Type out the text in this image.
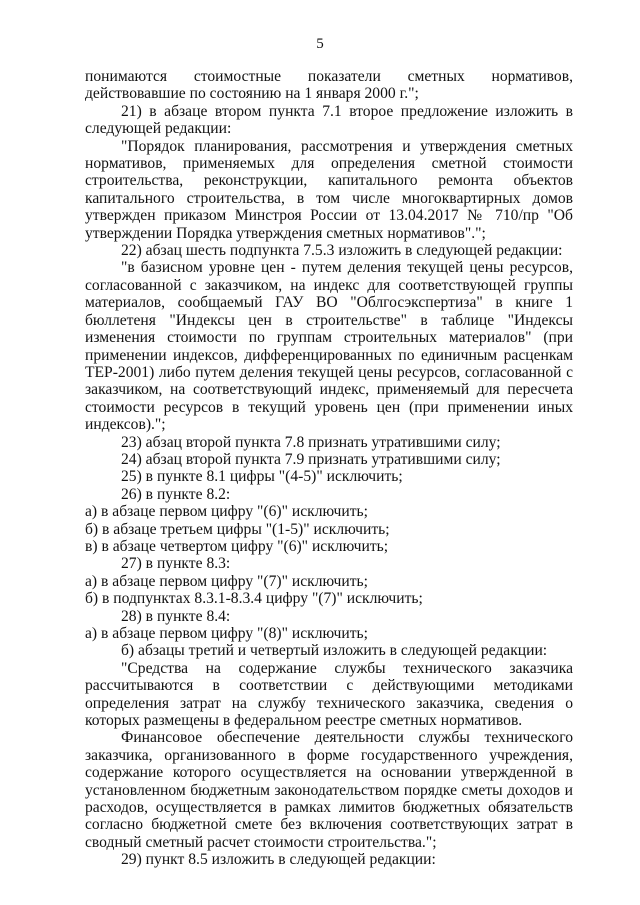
5

понимаются стоимостные показатели сметных нормативов, действовавшие по состоянию на 1 января 2000 г.";

21) в абзаце втором пункта 7.1 второе предложение изложить в следующей редакции:

"Порядок планирования, рассмотрения и утверждения сметных нормативов, применяемых для определения сметной стоимости строительства, реконструкции, капитального ремонта объектов капитального строительства, в том числе многоквартирных домов утвержден приказом Минстроя России от 13.04.2017 № 710/пр "Об утверждении Порядка утверждения сметных нормативов".";

22) абзац шесть подпункта 7.5.3 изложить в следующей редакции:

"в базисном уровне цен - путем деления текущей цены ресурсов, согласованной с заказчиком, на индекс для соответствующей группы материалов, сообщаемый ГАУ ВО "Облгосэкспертиза" в книге 1 бюллетеня "Индексы цен в строительстве" в таблице "Индексы изменения стоимости по группам строительных материалов" (при применении индексов, дифференцированных по единичным расценкам ТЕР-2001) либо путем деления текущей цены ресурсов, согласованной с заказчиком, на соответствующий индекс, применяемый для пересчета стоимости ресурсов в текущий уровень цен (при применении иных индексов).";

23) абзац второй пункта 7.8 признать утратившими силу;

24) абзац второй пункта 7.9 признать утратившими силу;

25) в пункте 8.1 цифры "(4-5)" исключить;

26) в пункте 8.2:

а) в абзаце первом цифру "(6)" исключить;

б) в абзаце третьем цифры "(1-5)" исключить;

в) в абзаце четвертом цифру "(6)" исключить;

27) в пункте 8.3:

а) в абзаце первом цифру "(7)" исключить;

б) в подпунктах 8.3.1-8.3.4 цифру "(7)" исключить;

28) в пункте 8.4:

а) в абзаце первом цифру "(8)" исключить;

б) абзацы третий и четвертый изложить в следующей редакции:

"Средства на содержание службы технического заказчика рассчитываются в соответствии с действующими методиками определения затрат на службу технического заказчика, сведения о которых размещены в федеральном реестре сметных нормативов.

Финансовое обеспечение деятельности службы технического заказчика, организованного в форме государственного учреждения, содержание которого осуществляется на основании утвержденной в установленном бюджетным законодательством порядке сметы доходов и расходов, осуществляется в рамках лимитов бюджетных обязательств согласно бюджетной смете без включения соответствующих затрат в сводный сметный расчет стоимости строительства.";

29) пункт 8.5 изложить в следующей редакции:
